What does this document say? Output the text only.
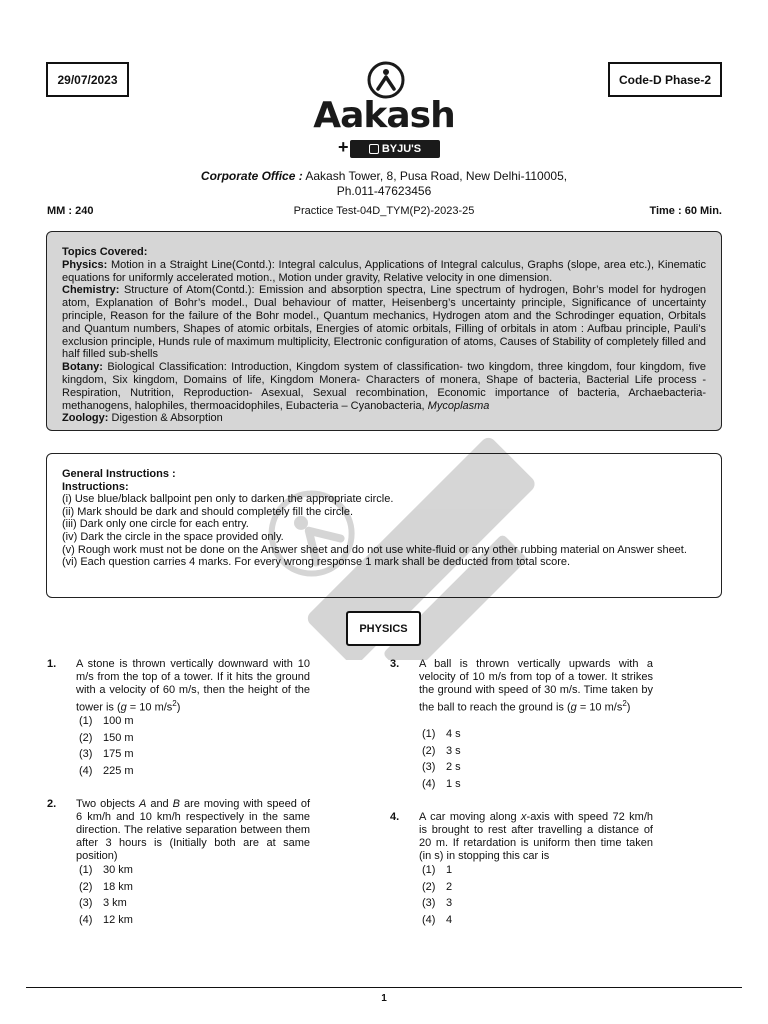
29/07/2023	Code-D Phase-2
Aakash
+	BYJU'S
Corporate Office : Aakash Tower, 8, Pusa Road, New Delhi-110005,
Ph.011-47623456
MM : 240	Practice Test-04D_TYM(P2)-2023-25	Time : 60 Min.

Topics Covered:

Physics: Motion in a Straight Line(Contd.): Integral calculus, Applications of Integral calculus, Graphs (slope, area etc.), Kinematic equations for uniformly accelerated motion., Motion under gravity, Relative velocity in one dimension.

Chemistry: Structure of Atom(Contd.): Emission and absorption spectra, Line spectrum of hydrogen, Bohr’s model for hydrogen atom, Explanation of Bohr’s model., Dual behaviour of matter, Heisenberg’s uncertainty principle, Significance of uncertainty principle, Reason for the failure of the Bohr model., Quantum mechanics, Hydrogen atom and the Schrodinger equation, Orbitals and Quantum numbers, Shapes of atomic orbitals, Energies of atomic orbitals, Filling of orbitals in atom : Aufbau principle, Pauli’s exclusion principle, Hunds rule of maximum multiplicity, Electronic configuration of atoms, Causes of Stability of completely filled and half filled sub-shells

Botany: Biological Classification: Introduction, Kingdom system of classification- two kingdom, three kingdom, four kingdom, five kingdom, Six kingdom, Domains of life, Kingdom Monera- Characters of monera, Shape of bacteria, Bacterial Life process - Respiration, Nutrition, Reproduction- Asexual, Sexual recombination, Economic importance of bacteria, Archaebacteria-methanogens, halophiles, thermoacidophiles, Eubacteria – Cyanobacteria, Mycoplasma

Zoology: Digestion & Absorption

General Instructions :

Instructions:

(i) Use blue/black ballpoint pen only to darken the appropriate circle.

(ii) Mark should be dark and should completely fill the circle.

(iii) Dark only one circle for each entry.

(iv) Dark the circle in the space provided only.

(v) Rough work must not be done on the Answer sheet and do not use white-fluid or any other rubbing material on Answer sheet.

(vi) Each question carries 4 marks. For every wrong response 1 mark shall be deducted from total score.

PHYSICS
1. A stone is thrown vertically downward with 10 m/s from the top of a tower. If it hits the ground with a velocity of 60 m/s, then the height of the tower is (g = 10 $m/s^2$)
(1) 100 m
(2) 150 m
(3) 175 m
(4) 225 m
2. Two objects A and B are moving with speed of 6 km/h and 10 km/h respectively in the same direction. The relative separation between them after 3 hours is (Initially both are at same position)
(1) 30 km
(2) 18 km
(3) 3 km
(4) 12 km
3. A ball is thrown vertically upwards with a velocity of 10 m/s from top of a tower. It strikes the ground with speed of 30 m/s. Time taken by the ball to reach the ground is (g = 10 $m/s^2$)
(1) 4 s
(2) 3 s
(3) 2 s
(4) 1 s
4. A car moving along x-axis with speed 72 km/h is brought to rest after travelling a distance of 20 m. If retardation is uniform then time taken (in s) in stopping this car is
(1) 1
(2) 2
(3) 3
(4) 4
1
